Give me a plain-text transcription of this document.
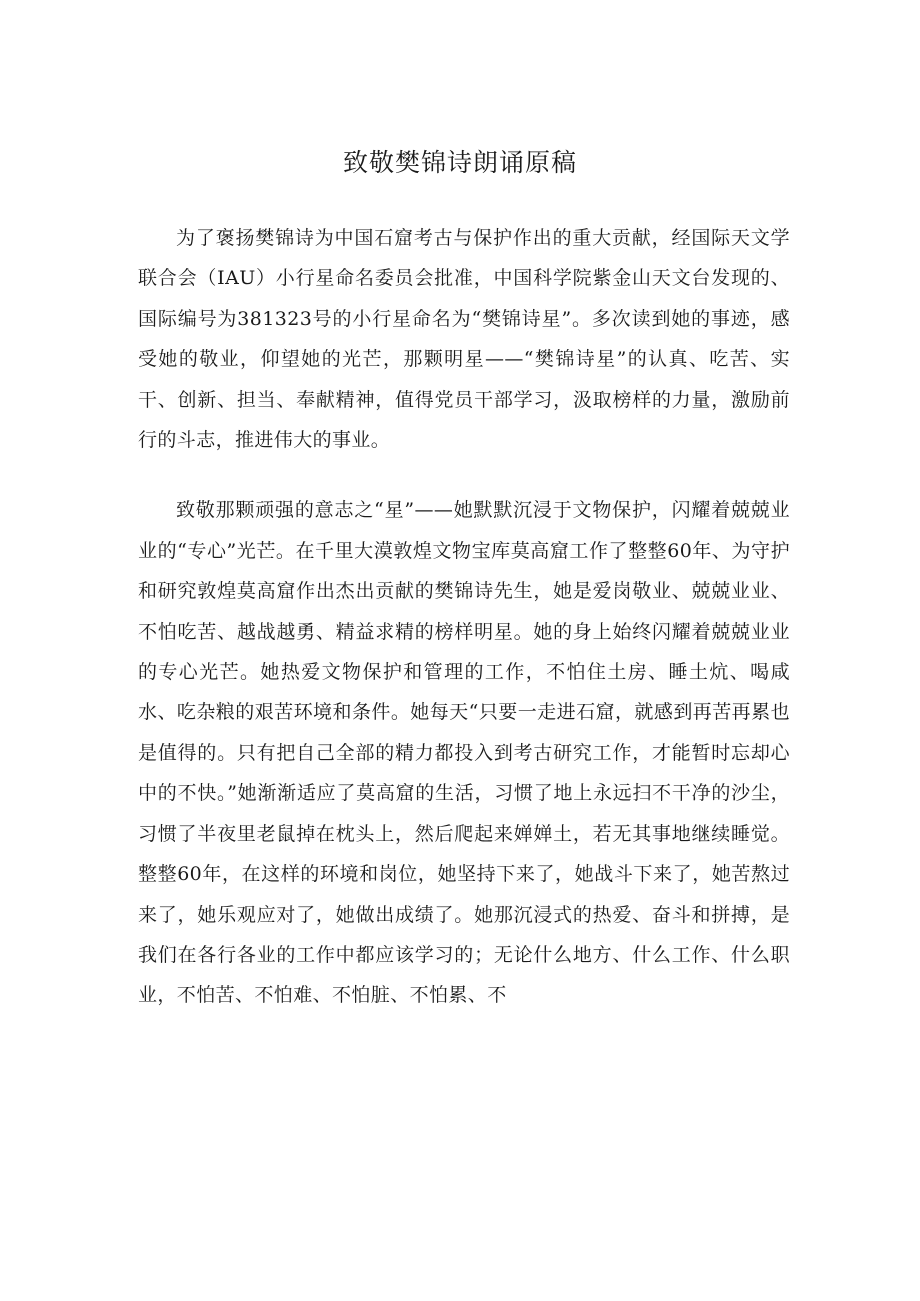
致敬樊锦诗朗诵原稿

为了褒扬樊锦诗为中国石窟考古与保护作出的重大贡献，经国际天文学联合会（IAU）小行星命名委员会批准，中国科学院紫金山天文台发现的、国际编号为381323号的小行星命名为“樊锦诗星”。多次读到她的事迹，感受她的敬业，仰望她的光芒，那颗明星——“樊锦诗星”的认真、吃苦、实干、创新、担当、奉献精神，值得党员干部学习，汲取榜样的力量，激励前行的斗志，推进伟大的事业。

致敬那颗顽强的意志之“星”——她默默沉浸于文物保护，闪耀着兢兢业业的“专心”光芒。在千里大漠敦煌文物宝库莫高窟工作了整整60年、为守护和研究敦煌莫高窟作出杰出贡献的樊锦诗先生，她是爱岗敬业、兢兢业业、不怕吃苦、越战越勇、精益求精的榜样明星。她的身上始终闪耀着兢兢业业的专心光芒。她热爱文物保护和管理的工作，不怕住土房、睡土炕、喝咸水、吃杂粮的艰苦环境和条件。她每天“只要一走进石窟，就感到再苦再累也是值得的。只有把自己全部的精力都投入到考古研究工作，才能暂时忘却心中的不快。”她渐渐适应了莫高窟的生活，习惯了地上永远扫不干净的沙尘，习惯了半夜里老鼠掉在枕头上，然后爬起来婵婵土，若无其事地继续睡觉。整整60年，在这样的环境和岗位，她坚持下来了，她战斗下来了，她苦熬过来了，她乐观应对了，她做出成绩了。她那沉浸式的热爱、奋斗和拼搏，是我们在各行各业的工作中都应该学习的；无论什么地方、什么工作、什么职业，不怕苦、不怕难、不怕脏、不怕累、不
